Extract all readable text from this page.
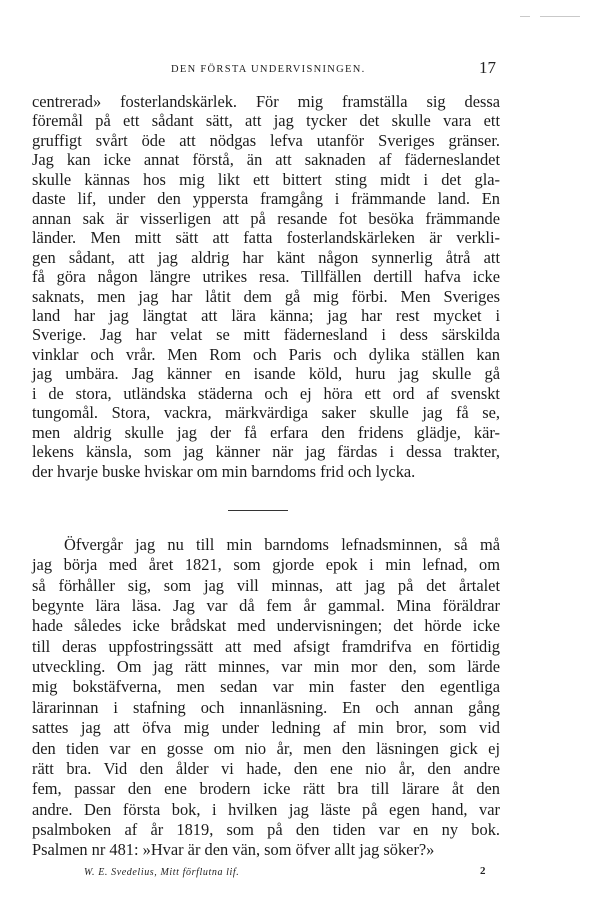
DEN FÖRSTA UNDERVISNINGEN.	17
centrerad» fosterlandskärlek. För mig framställa sig dessa
föremål på ett sådant sätt, att jag tycker det skulle vara ett
gruffigt svårt öde att nödgas lefva utanför Sveriges gränser.
Jag kan icke annat förstå, än att saknaden af fäderneslandet
skulle kännas hos mig likt ett bittert sting midt i det gla-
daste lif, under den yppersta framgång i främmande land. En
annan sak är visserligen att på resande fot besöka främmande
länder. Men mitt sätt att fatta fosterlandskärleken är verkli-
gen sådant, att jag aldrig har känt någon synnerlig åtrå att
få göra någon längre utrikes resa. Tillfällen dertill hafva icke
saknats, men jag har låtit dem gå mig förbi. Men Sveriges
land har jag längtat att lära känna; jag har rest mycket i
Sverige. Jag har velat se mitt fädernesland i dess särskilda
vinklar och vrår. Men Rom och Paris och dylika ställen kan
jag umbära. Jag känner en isande köld, huru jag skulle gå
i de stora, utländska städerna och ej höra ett ord af svenskt
tungomål. Stora, vackra, märkvärdiga saker skulle jag få se,
men aldrig skulle jag der få erfara den fridens glädje, kär-
lekens känsla, som jag känner när jag färdas i dessa trakter,
der hvarje buske hviskar om min barndoms frid och lycka.
Öfvergår jag nu till min barndoms lefnadsminnen, så må
jag börja med året 1821, som gjorde epok i min lefnad, om
så förhåller sig, som jag vill minnas, att jag på det årtalet
begynte lära läsa. Jag var då fem år gammal. Mina föräldrar
hade således icke brådskat med undervisningen; det hörde icke
till deras uppfostringssätt att med afsigt framdrifva en förtidig
utveckling. Om jag rätt minnes, var min mor den, som lärde
mig bokstäfverna, men sedan var min faster den egentliga
lärarinnan i stafning och innanläsning. En och annan gång
sattes jag att öfva mig under ledning af min bror, som vid
den tiden var en gosse om nio år, men den läsningen gick ej
rätt bra. Vid den ålder vi hade, den ene nio år, den andre
fem, passar den ene brodern icke rätt bra till lärare åt den
andre. Den första bok, i hvilken jag läste på egen hand, var
psalmboken af år 1819, som på den tiden var en ny bok.
Psalmen nr 481: »Hvar är den vän, som öfver allt jag söker?»
W. E. Svedelius, Mitt förflutna lif.	2
